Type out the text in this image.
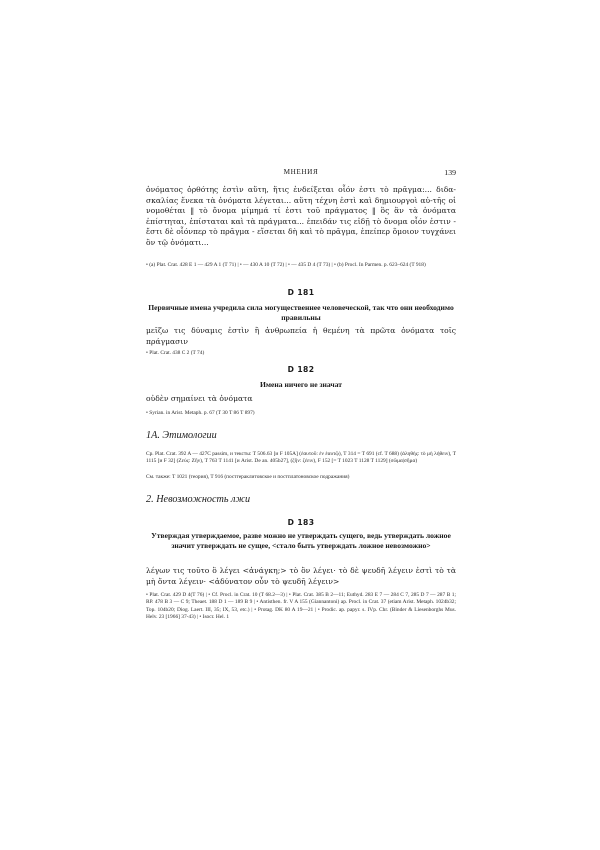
МНЕНИЯ	139

ὀνόματος ὀρθότης ἐστὶν αὕτη, ἥτις ἐνδείξεται οἷόν ἐστι τὸ πρᾶγμα:... διδα-σκαλίας ἕνεκα τὰ ὀνόματα λέγεται... αὕτη τέχνη ἐστὶ καὶ δημιουργοὶ αὐ-τῆς οἱ νομοθέται ‖ τὸ ὄνομα μίμημά τί ἐστι τοῦ πράγματος ‖ ὃς ἂν τὰ ὀνόματα ἐπίστηται, ἐπίσταται καὶ τὰ πράγματα... ἐπειδάν τις εἰδῇ τὸ ὄνομα οἷόν ἐστιν - ἔστι δὲ οἷόνπερ τὸ πρᾶγμα - εἴσεται δὴ καὶ τὸ πρᾶγμα, ἐπείπερ ὅμοιον τυγχάνει ὂν τῷ ὀνόματι...

• (a) Plat. Crat. 428 E 1 — 429 A 1 (T 71) | • — 430 A 10 (T 72) | • — 435 D 4 (T 73) | • (b) Procl. In Parmen. p. 623–624 (T 918)

D 181

Первичные имена учредила сила могущественнее человеческой, так что они необходимо правильны

μεῖζω τις δύναμις ἐστὶν ἢ ἀνθρωπεία ἡ θεμένη τὰ πρῶτα ὀνόματα τοῖς πράγμασιν

• Plat. Crat. 438 C 2 (T 74)

D 182

Имена ничего не значат

οὐδὲν σημαίνει τὰ ὀνόματα

• Syrian. in Arist. Metaph. p. 67 (T 30 T 86 T 897)

1А. Этимологии

Ср. Plat. Crat. 392 A — 427C passim, и тексты: T 506.63 [и F 105A] (ἑαυτοῦ: ἐν ἑαυτῷ), T 314 = T 691 (cf. T 688) (ἀληθής: τὸ μὴ λήθειν), T 1115 [и F 32] (Ζεύς: Ζῆν), T 763 T 1141 [и Arist. De an. 405b27], (ζῆν: ζέειν), F 152 [= T 1023 T 1128 T 1129] (σῶμα|σῆμα)

См. также: T 1021 (теория), T 916 (постгераклитовское и постплатоновское подражания)

2. Невозможность лжи

D 183

Утверждая утверждаемое, разве можно не утверждать сущего, ведь утверждать ложное значит утверждать не сущее, <стало быть утверждать ложное невозможно>

λέγων τις τοῦτο ὃ λέγει <ἀνάγκη;> τὸ ὂν λέγει· τὸ δὲ ψευδῆ λέγειν ἐστὶ τὸ τὰ μὴ ὄντα λέγειν· <ἀδύνατον οὖν τὸ ψευδῆ λέγειν>

• Plat. Crat. 429 D 4(T 76) | • Cf. Procl. in Crat. 10 (T 68.2—3) | • Plat. Crat. 385 B 2—11; Euthyd. 283 E 7 — 284 C 7, 285 D 7 — 287 B 1; RP. 478 B 3 — C 9; Theaet. 188 D 1 — 189 B 9 | • Antisthen. fr. V A 155 (Giannantoni) ap. Procl. in Crat. 37 (etiam Arist. Metaph. 1024b32; Top. 104b20; Diog. Laert. III, 35; IX, 53, etc.) | • Protag. DK 80 A 19—21 | • Prodic. ap. papyr. s. IVp. Chr. (Binder & Liesenborghs Mus. Helv. 23 [1966] 37-43) | • Isocr. Hel. 1
